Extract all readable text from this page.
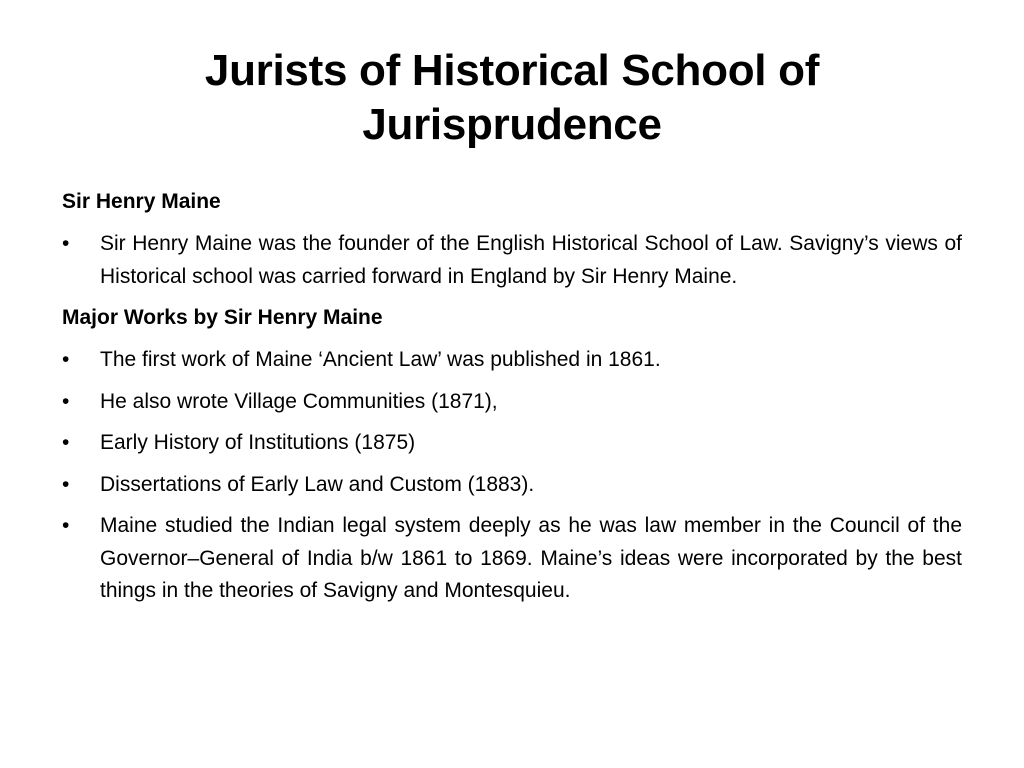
Jurists of Historical School of Jurisprudence
Sir Henry Maine
•	Sir Henry Maine was the founder of the English Historical School of Law. Savigny’s views of Historical school was carried forward in England by Sir Henry Maine.
Major Works by Sir Henry Maine
•	The first work of Maine ‘Ancient Law’ was published in 1861.
•	He also wrote Village Communities (1871),
•	Early History of Institutions (1875)
•	Dissertations of Early Law and Custom (1883).
•	Maine studied the Indian legal system deeply as he was law member in the Council of the Governor–General of India b/w 1861 to 1869. Maine’s ideas were incorporated by the best things in the theories of Savigny and Montesquieu.
